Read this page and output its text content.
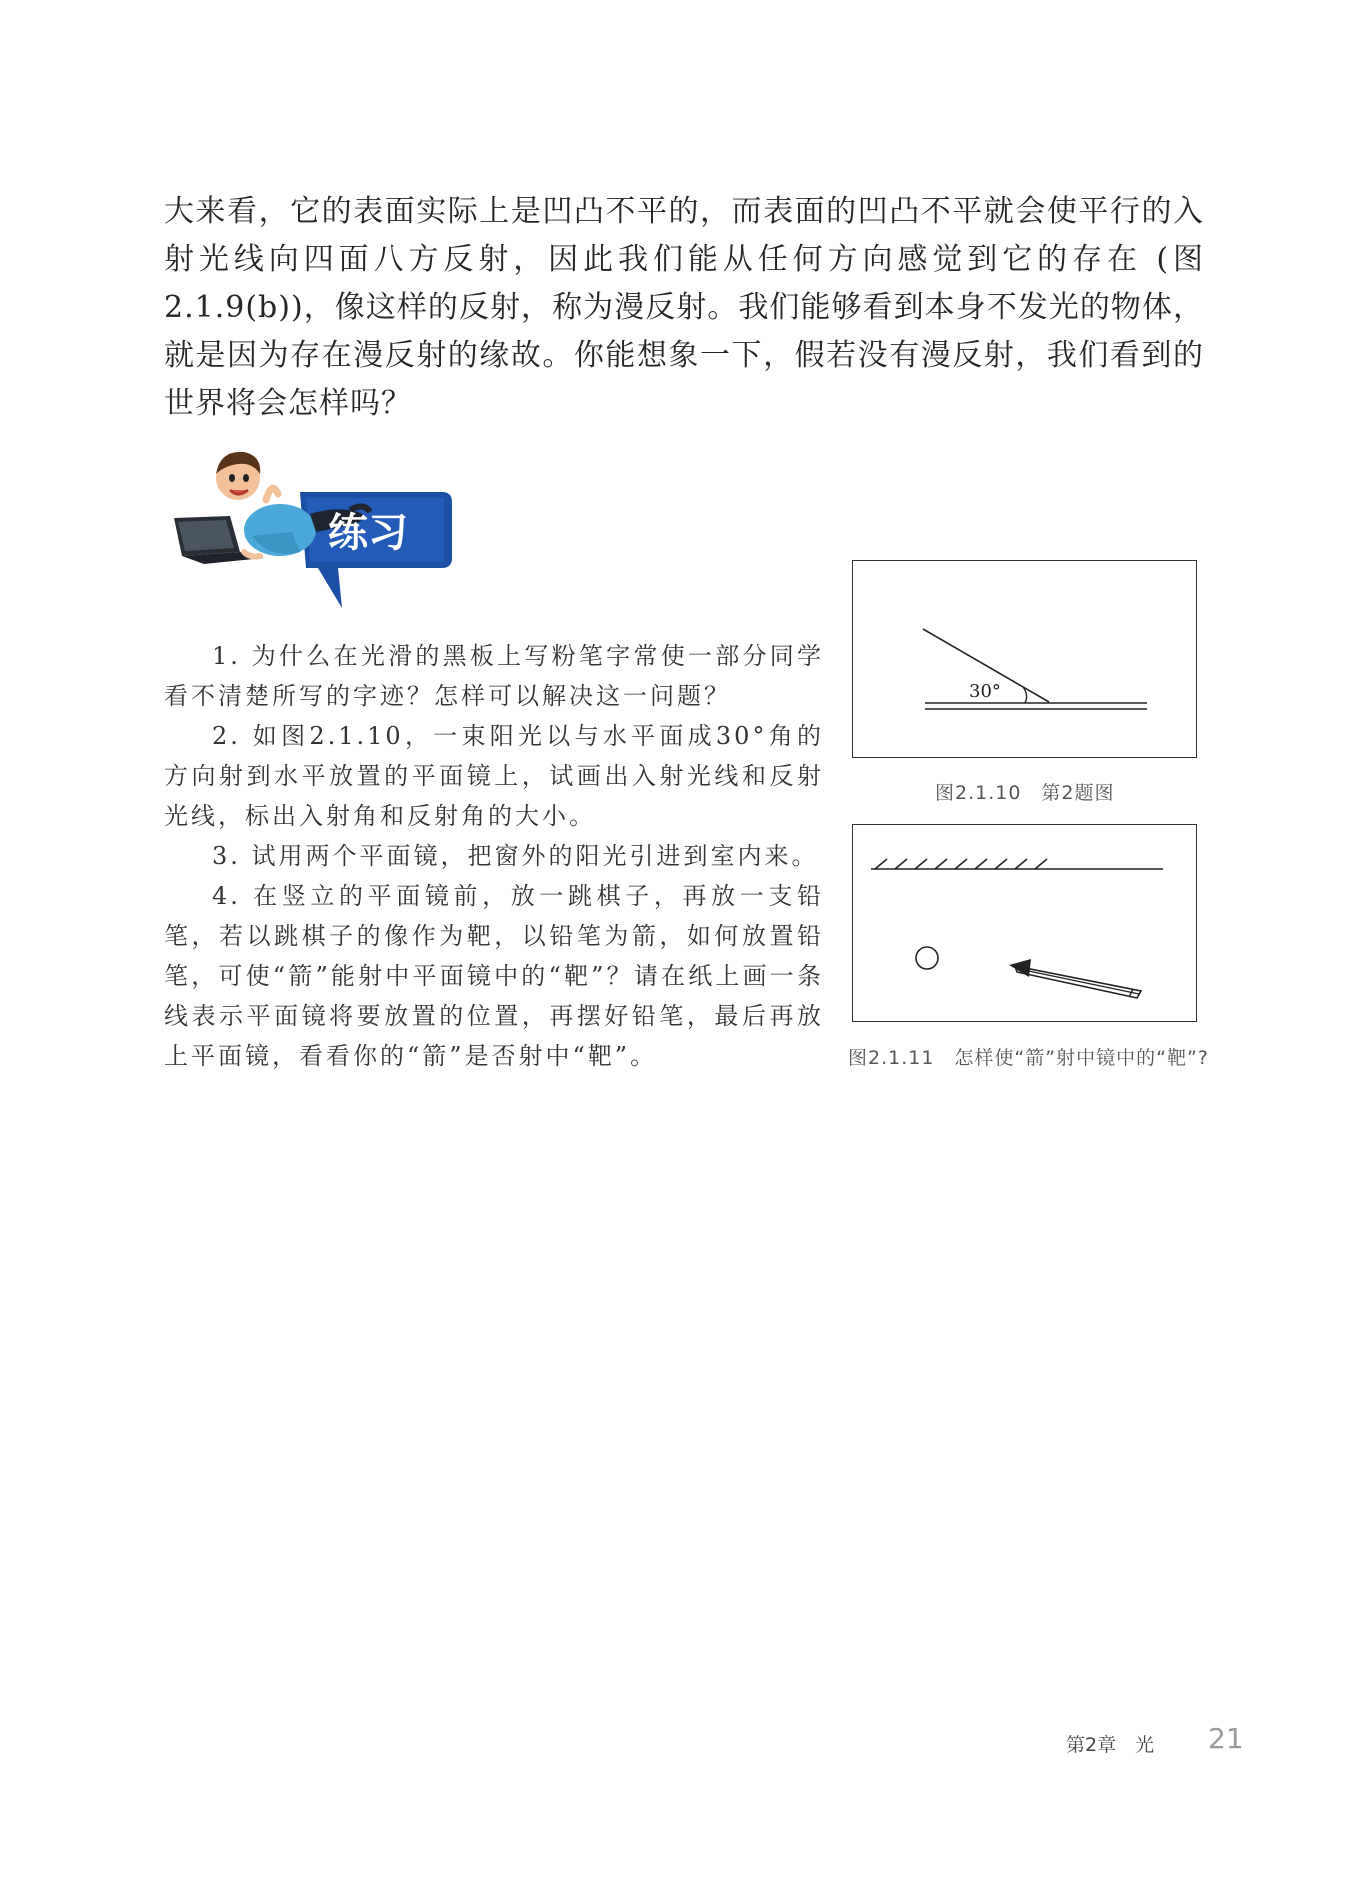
大来看，它的表面实际上是凹凸不平的，而表面的凹凸不平就会使平行的入射光线向四面八方反射，因此我们能从任何方向感觉到它的存在 (图2.1.9(b))，像这样的反射，称为漫反射。我们能够看到本身不发光的物体，就是因为存在漫反射的缘故。你能想象一下，假若没有漫反射，我们看到的世界将会怎样吗？

练习

1. 为什么在光滑的黑板上写粉笔字常使一部分同学看不清楚所写的字迹？怎样可以解决这一问题？

2. 如图2.1.10，一束阳光以与水平面成30°角的方向射到水平放置的平面镜上，试画出入射光线和反射光线，标出入射角和反射角的大小。

3. 试用两个平面镜，把窗外的阳光引进到室内来。

4. 在竖立的平面镜前，放一跳棋子，再放一支铅笔，若以跳棋子的像作为靶，以铅笔为箭，如何放置铅笔，可使“箭”能射中平面镜中的“靶”？请在纸上画一条线表示平面镜将要放置的位置，再摆好铅笔，最后再放上平面镜，看看你的“箭”是否射中“靶”。

30°
图2.1.10　第2题图
图2.1.11　怎样使“箭”射中镜中的“靶”?
第2章　光 21
